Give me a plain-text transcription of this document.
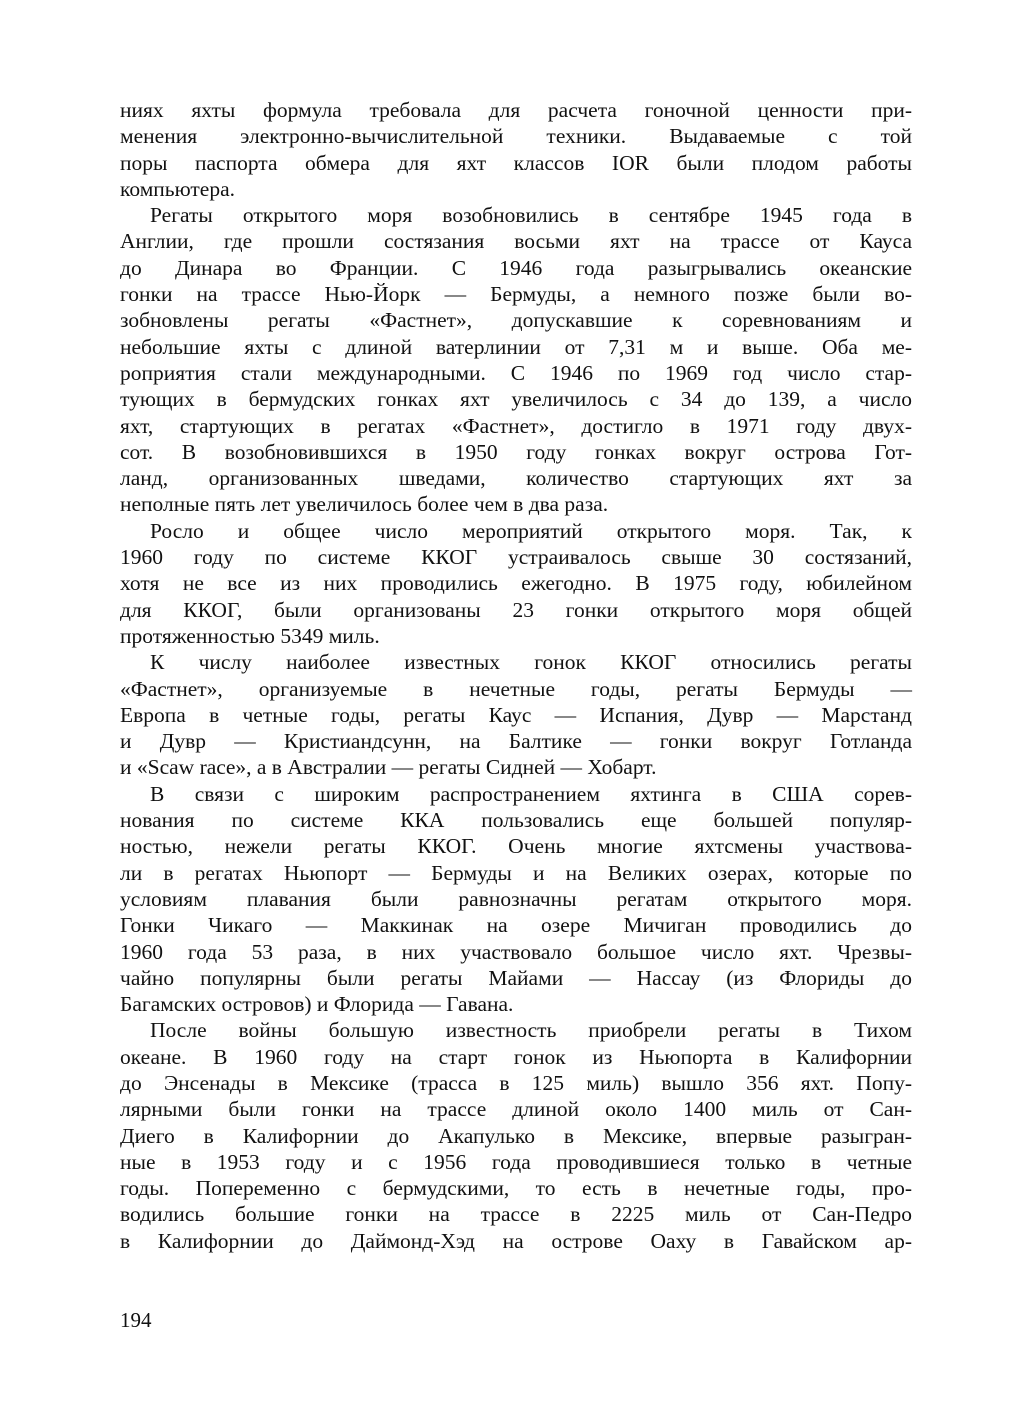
ниях яхты формула требовала для расчета гоночной ценности при-
менения электронно-вычислительной техники. Выдаваемые с той
поры паспорта обмера для яхт классов IOR были плодом работы
компьютера.
Регаты открытого моря возобновились в сентябре 1945 года в
Англии, где прошли состязания восьми яхт на трассе от Кауса
до Динара во Франции. С 1946 года разыгрывались океанские
гонки на трассе Нью-Йорк — Бермуды, а немного позже были во-
зобновлены регаты «Фастнет», допускавшие к соревнованиям и
небольшие яхты с длиной ватерлинии от 7,31 м и выше. Оба ме-
роприятия стали международными. С 1946 по 1969 год число стар-
тующих в бермудских гонках яхт увеличилось с 34 до 139, а число
яхт, стартующих в регатах «Фастнет», достигло в 1971 году двух-
сот. В возобновившихся в 1950 году гонках вокруг острова Гот-
ланд, организованных шведами, количество стартующих яхт за
неполные пять лет увеличилось более чем в два раза.
Росло и общее число мероприятий открытого моря. Так, к
1960 году по системе ККОГ устраивалось свыше 30 состязаний,
хотя не все из них проводились ежегодно. В 1975 году, юбилейном
для ККОГ, были организованы 23 гонки открытого моря общей
протяженностью 5349 миль.
К числу наиболее известных гонок ККОГ относились регаты
«Фастнет», организуемые в нечетные годы, регаты Бермуды —
Европа в четные годы, регаты Каус — Испания, Дувр — Марстанд
и Дувр — Кристиандсунн, на Балтике — гонки вокруг Готланда
и «Scaw race», а в Австралии — регаты Сидней — Хобарт.
В связи с широким распространением яхтинга в США сорев-
нования по системе ККА пользовались еще большей популяр-
ностью, нежели регаты ККОГ. Очень многие яхтсмены участвова-
ли в регатах Ньюпорт — Бермуды и на Великих озерах, которые по
условиям плавания были равнозначны регатам открытого моря.
Гонки Чикаго — Маккинак на озере Мичиган проводились до
1960 года 53 раза, в них участвовало большое число яхт. Чрезвы-
чайно популярны были регаты Майами — Нассау (из Флориды до
Багамских островов) и Флорида — Гавана.
После войны большую известность приобрели регаты в Тихом
океане. В 1960 году на старт гонок из Ньюпорта в Калифорнии
до Энсенады в Мексике (трасса в 125 миль) вышло 356 яхт. Попу-
лярными были гонки на трассе длиной около 1400 миль от Сан-
Диего в Калифорнии до Акапулько в Мексике, впервые разыгран-
ные в 1953 году и с 1956 года проводившиеся только в четные
годы. Попеременно с бермудскими, то есть в нечетные годы, про-
водились большие гонки на трассе в 2225 миль от Сан-Педро
в Калифорнии до Даймонд-Хэд на острове Оаху в Гавайском ар-
194
